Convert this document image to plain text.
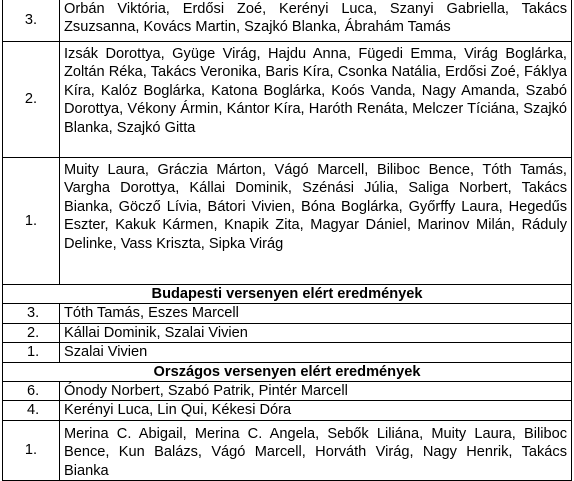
3.	Orbán Viktória, Erdősi Zoé, Kerényi Luca, Szanyi Gabriella, Takács Zsuzsanna, Kovács Martin, Szajkó Blanka, Ábrahám Tamás
2.	Izsák Dorottya, Gyüge Virág, Hajdu Anna, Fügedi Emma, Virág Boglárka, Zoltán Réka, Takács Veronika, Baris Kíra, Csonka Natália, Erdősi Zoé, Fáklya Kíra, Kalóz Boglárka, Katona Boglárka, Koós Vanda, Nagy Amanda, Szabó Dorottya, Vékony Ármin, Kántor Kíra, Haróth Renáta, Melczer Tíciána, Szajkó Blanka, Szajkó Gitta
1.	Muity Laura, Gráczia Márton, Vágó Marcell, Biliboc Bence, Tóth Tamás, Vargha Dorottya, Kállai Dominik, Szénási Júlia, Saliga Norbert, Takács Bianka, Göcző Lívia, Bátori Vivien, Bóna Boglárka, Győrffy Laura, Hegedűs Eszter, Kakuk Kármen, Knapik Zita, Magyar Dániel, Marinov Milán, Ráduly Delinke, Vass Kriszta, Sipka Virág
Budapesti versenyen elért eredmények	
3.	Tóth Tamás, Eszes Marcell
2.	Kállai Dominik, Szalai Vivien
1.	Szalai Vivien
Országos versenyen elért eredmények	
6.	Ónody Norbert, Szabó Patrik, Pintér Marcell
4.	Kerényi Luca, Lin Qui, Kékesi Dóra
1.	Merina C. Abigail, Merina C. Angela, Sebők Liliána, Muity Laura, Biliboc Bence, Kun Balázs, Vágó Marcell, Horváth Virág, Nagy Henrik, Takács Bianka
